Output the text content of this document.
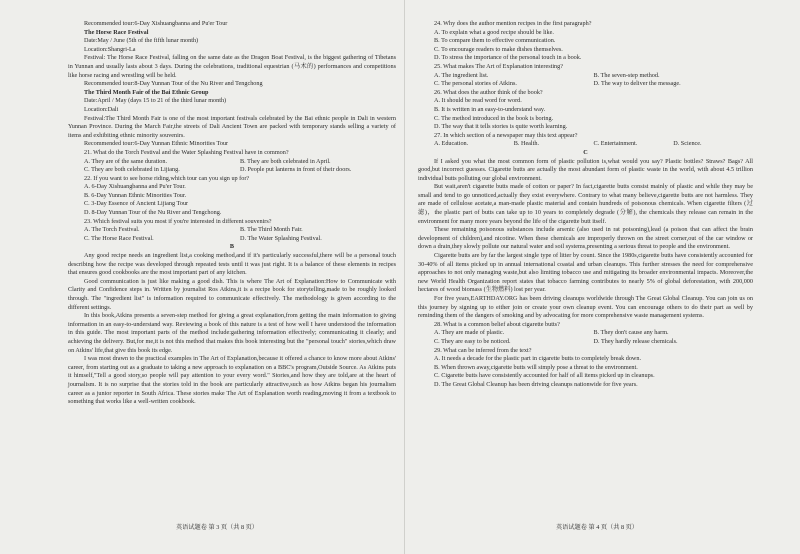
Recommended tour:6-Day Xishuangbanna and Pu'er Tour

The Horse Race Festival

Date:May / June (5th of the fifth lunar month)

Location:Shangri-La

Festival: The Horse Race Festival, falling on the same date as the Dragon Boat Festival, is the biggest gathering of Tibetans in Yunnan and usually lasts about 3 days. During the celebrations, traditional equestrian (马术的) performances and competitions like horse racing and wrestling will be held.

Recommended tour:8-Day Yunnan Tour of the Nu River and Tengchong

The Third Month Fair of the Bai Ethnic Group

Date:April / May (days 15 to 21 of the third lunar month)

Location:Dali

Festival:The Third Month Fair is one of the most important festivals celebrated by the Bai ethnic people in Dali in western Yunnan Province. During the March Fair,the streets of Dali Ancient Town are packed with temporary stands selling a variety of items and exhibiting ethnic minority souvenirs.

Recommended tour:6-Day Yunnan Ethnic Minorities Tour

21. What do the Torch Festival and the Water Splashing Festival have in common?

A. They are of the same duration.	B. They are both celebrated in April.
C. They are both celebrated in Lijiang.	D. People put lanterns in front of their doors.

22. If you want to see horse riding,which tour can you sign up for?

A. 6-Day Xishuangbanna and Pu'er Tour.

B. 6-Day Yunnan Ethnic Minorities Tour.

C. 3-Day Essence of Ancient Lijiang Tour

D. 8-Day Yunnan Tour of the Nu River and Tengchong.

23. Which festival suits you most if you're interested in different souvenirs?

A. The Torch Festival.	B. The Third Month Fair.
C. The Horse Race Festival.	D. The Water Splashing Festival.

B

Any good recipe needs an ingredient list,a cooking method,and if it's particularly successful,there will be a personal touch describing how the recipe was developed through repeated tests until it was just right. It is a balance of these elements in recipes that ensures good cookbooks are the most important part of any kitchen.

Good communication is just like making a good dish. This is where The Art of Explanation:How to Communicate with Clarity and Confidence steps in. Written by journalist Ros Atkins,it is a recipe book for storytelling,made to be roughly looked through. The "ingredient list" is information required to communicate effectively. The methodology is given according to the different settings.

In this book,Atkins presents a seven-step method for giving a great explanation,from getting the main information to giving information in an easy-to-understand way. Reviewing a book of this nature is a test of how well I have understood the information in this guide. The most important parts of the method include:gathering information effectively; communicating it clearly; and achieving the delivery. But,for me,it is not this method that makes this book interesting but the "personal touch" stories,which draw on Atkins' life,that give this book its edge.

I was most drawn to the practical examples in The Art of Explanation,because it offered a chance to know more about Atkins' career, from starting out as a graduate to taking a new approach to explanation on a BBC's program,Outside Source. As Atkins puts it himself,"Tell a good story,so people will pay attention to your every word." Stories,and how they are told,are at the heart of journalism. It is no surprise that the stories told in the book are particularly attractive,such as how Atkins began his journalism career as a junior reporter in South Africa. These stories make The Art of Explanation worth reading,moving it from a textbook to something that works like a well-written cookbook.

24. Why does the author mention recipes in the first paragraph?

A. To explain what a good recipe should be like.

B. To compare them to effective communication.

C. To encourage readers to make dishes themselves.

D. To stress the importance of the personal touch in a book.

25. What makes The Art of Explanation interesting?

A. The ingredient list.	B. The seven-step method.
C. The personal stories of Atkins.	D. The way to deliver the message.

26. What does the author think of the book?

A. It should be read word for word.

B. It is written in an easy-to-understand way.

C. The method introduced in the book is boring.

D. The way that it tells stories is quite worth learning.

27. In which section of a newspaper may this text appear?

A. Education.	B. Health.	C. Entertainment.	D. Science.

C

If I asked you what the most common form of plastic pollution is,what would you say? Plastic bottles? Straws? Bags? All good,but incorrect guesses. Cigarette butts are actually the most abundant form of plastic waste in the world, with about 4.5 trillion individual butts polluting our global environment.

But wait,aren't cigarette butts made of cotton or paper? In fact,cigarette butts consist mainly of plastic and while they may be small and tend to go unnoticed,actually they exist everywhere. Contrary to what many believe,cigarette butts are not harmless. They are made of cellulose acetate,a man-made plastic material and contain hundreds of poisonous chemicals. When cigarette filters (过滤)，the plastic part of butts can take up to 10 years to completely degrade (分解), the chemicals they release can remain in the environment for many more years beyond the life of the cigarette butt itself.

These remaining poisonous substances include arsenic (also used in rat poisoning),lead (a poison that can affect the brain development of children),and nicotine. When these chemicals are improperly thrown on the street corner,out of the car window or down a drain,they slowly pollute our natural water and soil systems,presenting a serious threat to people and the environment.

Cigarette butts are by far the largest single type of litter by count. Since the 1980s,cigarette butts have consistently accounted for 30-40% of all items picked up in annual international coastal and urban cleanups. This further stresses the need for comprehensive approaches to not only managing waste,but also limiting tobacco use and mitigating its broader environmental impacts. Moreover,the new World Health Organization report states that tobacco farming contributes to nearly 5% of global deforestation, with 200,000 hectares of wood biomass (生物燃料) lost per year.

For five years,EARTHDAY.ORG has been driving cleanups worldwide through The Great Global Cleanup. You can join us on this journey by signing up to either join or create your own cleanup event. You can encourage others to do their part as well by reminding them of the dangers of smoking and by advocating for more comprehensive waste management systems.

28. What is a common belief about cigarette butts?

A. They are made of plastic.	B. They don't cause any harm.
C. They are easy to be noticed.	D. They hardly release chemicals.

29. What can be inferred from the text?

A. It needs a decade for the plastic part in cigarette butts to completely break down.

B. When thrown away,cigarette butts will simply pose a threat to the environment.

C. Cigarette butts have consistently accounted for half of all items picked up in cleanups.

D. The Great Global Cleanup has been driving cleanups nationwide for five years.

英语试题卷 第 3 页（共 8 页）	英语试题卷 第 4 页（共 8 页）
